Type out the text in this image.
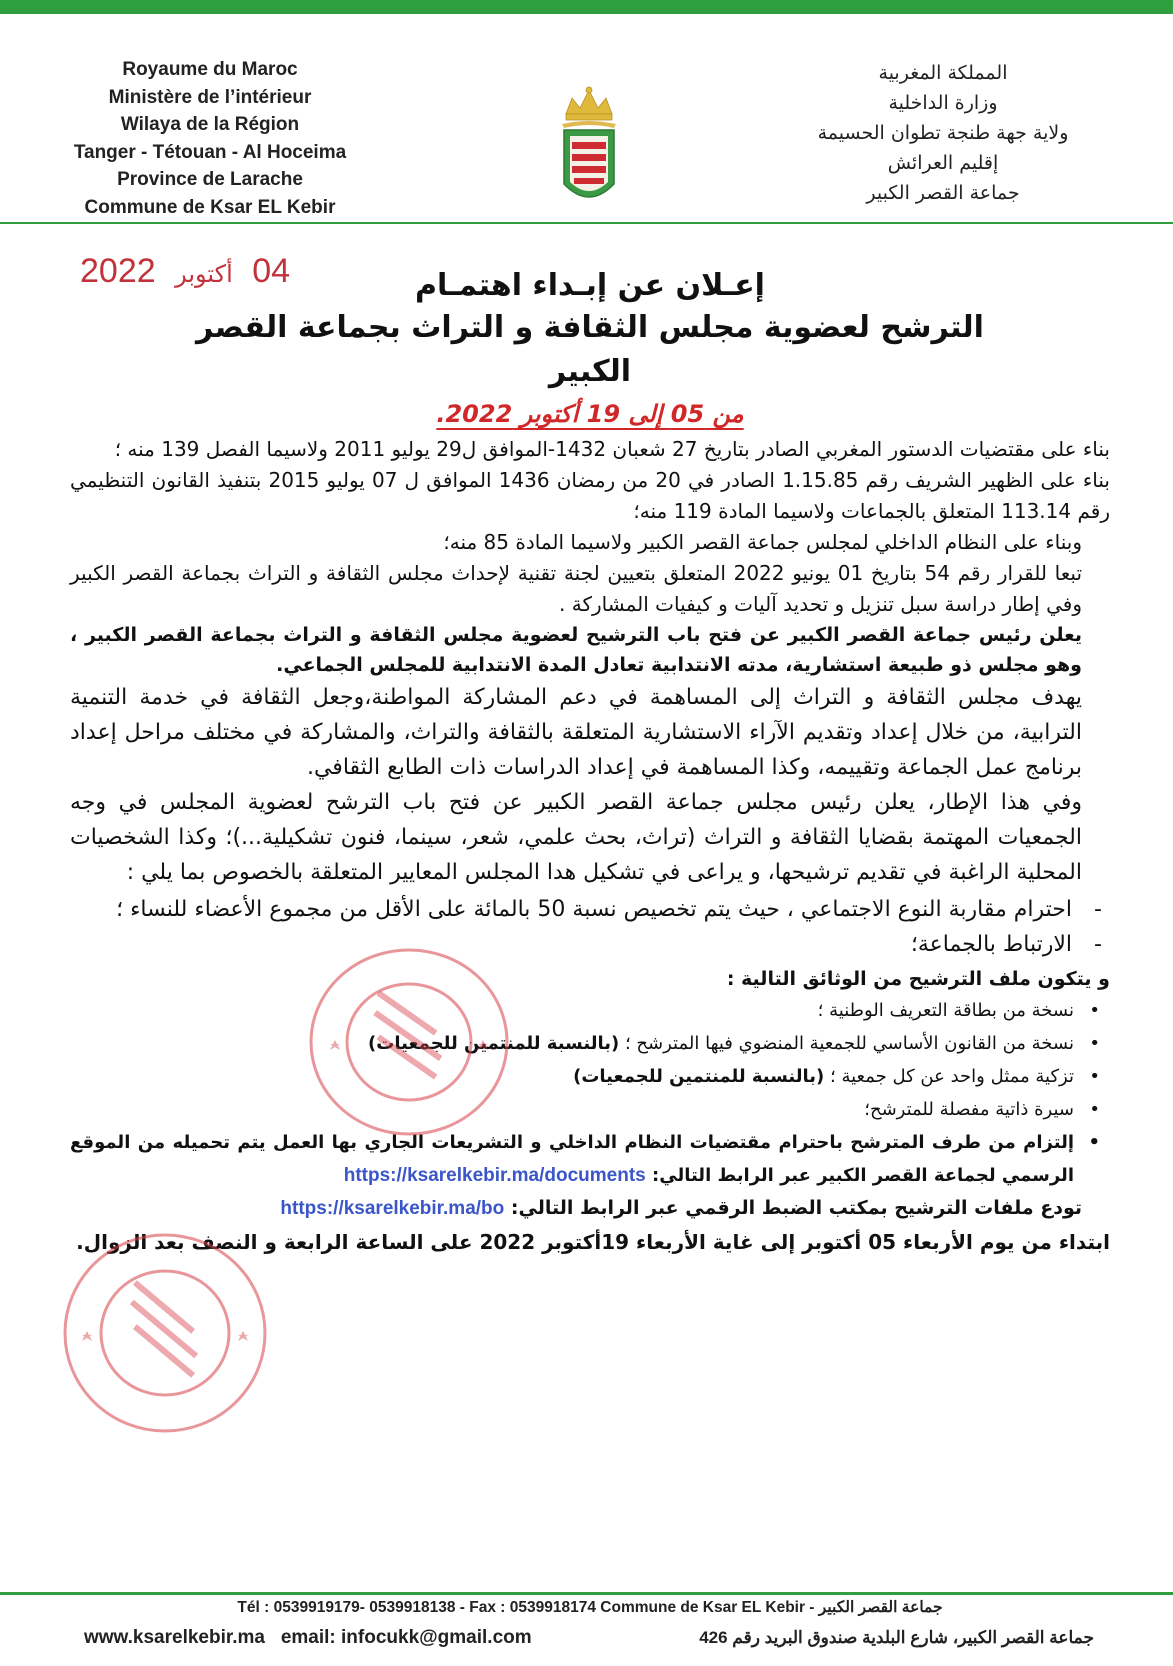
Royaume du Maroc
Ministère de l’intérieur
Wilaya de la Région
Tanger - Tétouan - Al Hoceima
Province de Larache
Commune de Ksar EL Kebir
المملكة المغربية
وزارة الداخلية
ولاية جهة طنجة تطوان الحسيمة
إقليم العرائش
جماعة القصر الكبير
2022 أكتوبر 04	إعـلان عن إبـداء اهتمـام
الترشح لعضوية مجلس الثقافة و التراث بجماعة القصر الكبير
من 05 إلى 19 أكتوبر 2022.

بناء على مقتضيات الدستور المغربي الصادر بتاريخ 27 شعبان 1432-الموافق ل29 يوليو 2011 ولاسيما الفصل 139 منه ؛

بناء على الظهير الشريف رقم 1.15.85 الصادر في 20 من رمضان 1436 الموافق ل 07 يوليو 2015 بتنفيذ القانون التنظيمي رقم 113.14 المتعلق بالجماعات ولاسيما المادة 119 منه؛

وبناء على النظام الداخلي لمجلس جماعة القصر الكبير ولاسيما المادة 85 منه؛

تبعا للقرار رقم 54 بتاريخ 01 يونيو 2022 المتعلق بتعيين لجنة تقنية لإحداث مجلس الثقافة و التراث بجماعة القصر الكبير وفي إطار دراسة سبل تنزيل و تحديد آليات و كيفيات المشاركة .

يعلن رئيس جماعة القصر الكبير عن فتح باب الترشيح لعضوية مجلس الثقافة و التراث بجماعة القصر الكبير ، وهو مجلس ذو طبيعة استشارية، مدته الانتدابية تعادل المدة الانتدابية للمجلس الجماعي.

يهدف مجلس الثقافة و التراث إلى المساهمة في دعم المشاركة المواطنة،وجعل الثقافة في خدمة التنمية الترابية، من خلال إعداد وتقديم الآراء الاستشارية المتعلقة بالثقافة والتراث، والمشاركة في مختلف مراحل إعداد برنامج عمل الجماعة وتقييمه، وكذا المساهمة في إعداد الدراسات ذات الطابع الثقافي.

وفي هذا الإطار، يعلن رئيس مجلس جماعة القصر الكبير عن فتح باب الترشح لعضوية المجلس في وجه الجمعيات المهتمة بقضايا الثقافة و التراث (تراث، بحث علمي، شعر، سينما، فنون تشكيلية...)؛ وكذا الشخصيات المحلية الراغبة في تقديم ترشيحها، و يراعى في تشكيل هدا المجلس المعايير المتعلقة بالخصوص بما يلي :

- احترام مقاربة النوع الاجتماعي ، حيث يتم تخصيص نسبة 50 بالمائة على الأقل من مجموع الأعضاء للنساء ؛
- الارتباط بالجماعة؛

و يتكون ملف الترشيح من الوثائق التالية :

• نسخة من بطاقة التعريف الوطنية ؛
• نسخة من القانون الأساسي للجمعية المنضوي فيها المترشح ؛ (بالنسبة للمنتمين للجمعيات)
• تزكية ممثل واحد عن كل جمعية ؛ (بالنسبة للمنتمين للجمعيات)
• سيرة ذاتية مفصلة للمترشح؛
• إلتزام من طرف المترشح باحترام مقتضيات النظام الداخلي و التشريعات الجاري بها العمل يتم تحميله من الموقع الرسمي لجماعة القصر الكبير عبر الرابط التالي: https://ksarelkebir.ma/documents

تودع ملفات الترشيح بمكتب الضبط الرقمي عبر الرابط التالي: https://ksarelkebir.ma/bo

ابتداء من يوم الأربعاء 05 أكتوبر إلى غاية الأربعاء 19أكتوبر 2022 على الساعة الرابعة و النصف بعد الزوال.

Tél : 0539919179- 0539918138 - Fax : 0539918174 Commune de Ksar EL Kebir - جماعة القصر الكبير
www.ksarelkebir.ma email: infocukk@gmail.com	جماعة القصر الكبير، شارع البلدية صندوق البريد رقم 426
